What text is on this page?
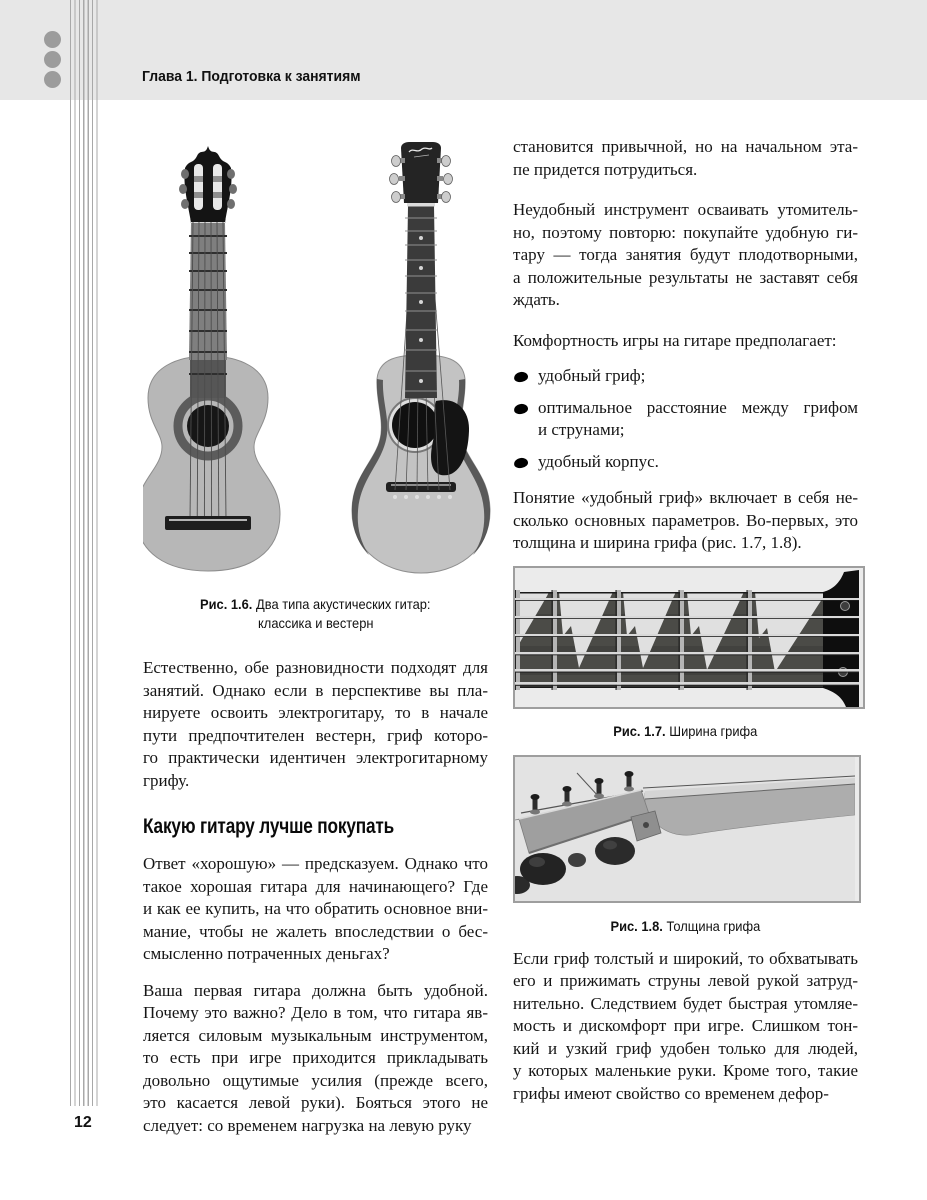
Глава 1. Подготовка к занятиям
Рис. 1.6. Два типа акустических гитар:
классика и вестерн
Естественно, обе разновидности подходят для
занятий. Однако если в перспективе вы пла-
нируете освоить электрогитару, то в начале
пути предпочтителен вестерн, гриф которо-
го практически идентичен электрогитарному
грифу.
Какую гитару лучше покупать
Ответ «хорошую» — предсказуем. Однако что
такое хорошая гитара для начинающего? Где
и как ее купить, на что обратить основное вни-
мание, чтобы не жалеть впоследствии о бес-
смысленно потраченных деньгах?
Ваша первая гитара должна быть удобной.
Почему это важно? Дело в том, что гитара яв-
ляется силовым музыкальным инструментом,
то есть при игре приходится прикладывать
довольно ощутимые усилия (прежде всего,
это касается левой руки). Бояться этого не
следует: со временем нагрузка на левую руку
становится привычной, но на начальном эта-
пе придется потрудиться.
Неудобный инструмент осваивать утомитель-
но, поэтому повторю: покупайте удобную ги-
тару — тогда занятия будут плодотворными,
а положительные результаты не заставят себя
ждать.
Комфортность игры на гитаре предполагает:
удобный гриф;
оптимальное расстояние между грифом
и струнами;
удобный корпус.
Понятие «удобный гриф» включает в себя не-
сколько основных параметров. Во-первых, это
толщина и ширина грифа (рис. 1.7, 1.8).
Рис. 1.7. Ширина грифа
Рис. 1.8. Толщина грифа
Если гриф толстый и широкий, то обхватывать
его и прижимать струны левой рукой затруд-
нительно. Следствием будет быстрая утомляе-
мость и дискомфорт при игре. Слишком тон-
кий и узкий гриф удобен только для людей,
у которых маленькие руки. Кроме того, такие
грифы имеют свойство со временем дефор-
12
